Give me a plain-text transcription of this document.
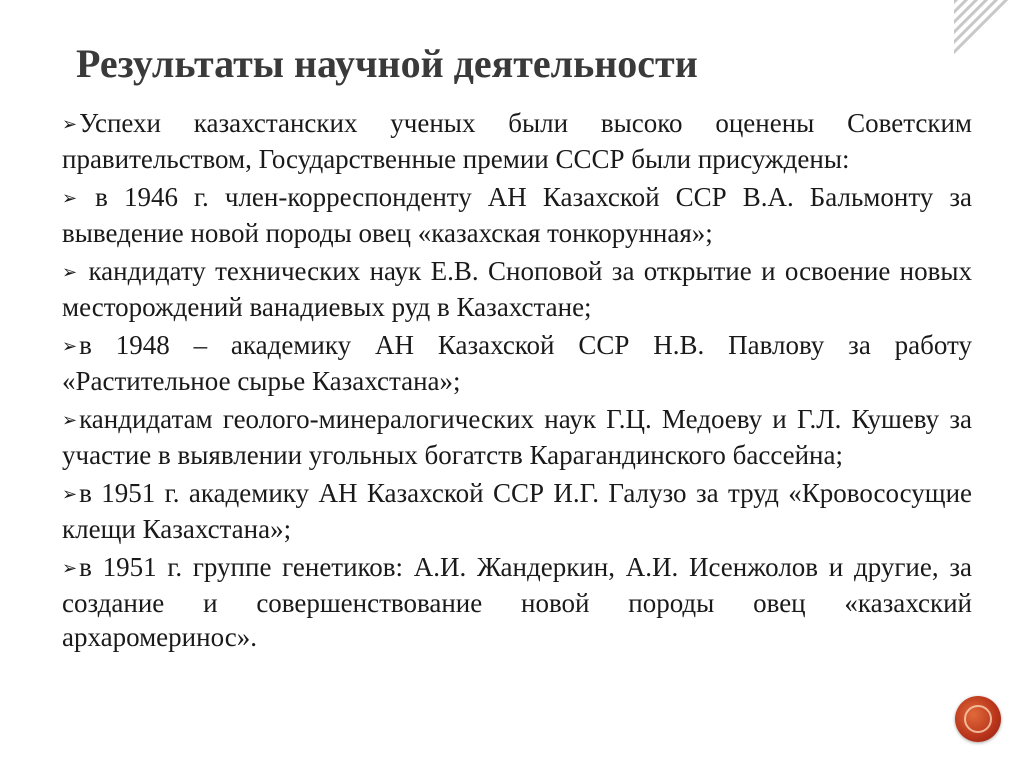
Результаты научной деятельности

➢Успехи казахстанских ученых были высоко оценены Советским правительством, Государственные премии СССР были присуждены:

➢ в 1946 г. член-корреспонденту АН Казахской ССР В.А. Бальмонту за выведение новой породы овец «казахская тонкорунная»;

➢ кандидату технических наук Е.В. Сноповой за открытие и освоение новых месторождений ванадиевых руд в Казахстане;

➢в 1948 – академику АН Казахской ССР Н.В. Павлову за работу «Растительное сырье Казахстана»;

➢кандидатам геолого-минералогических наук Г.Ц. Медоеву и Г.Л. Кушеву за участие в выявлении угольных богатств Карагандинского бассейна;

➢в 1951 г. академику АН Казахской ССР И.Г. Галузо за труд «Кровососущие клещи Казахстана»;

➢в 1951 г. группе генетиков: А.И. Жандеркин, А.И. Исенжолов и другие, за создание и совершенствование новой породы овец «казахский архаромеринос».
